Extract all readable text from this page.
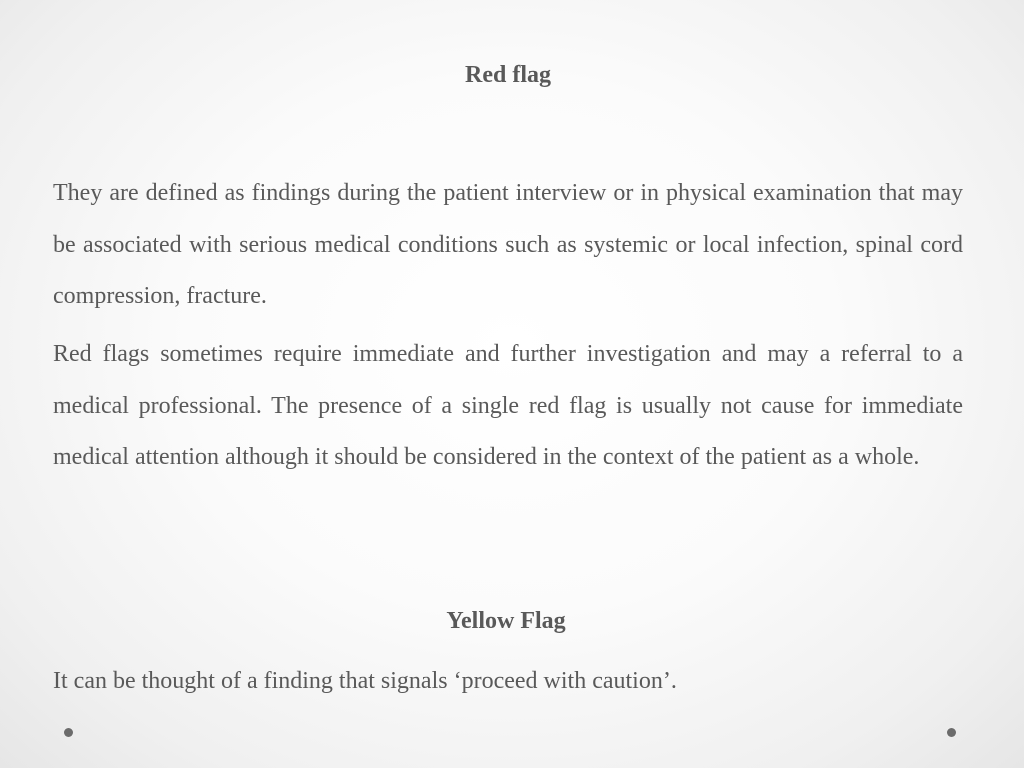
Red flag

They are defined as findings during the patient interview or in physical examination that may be associated with serious medical conditions such as systemic or local infection, spinal cord compression, fracture.

Red flags sometimes require immediate and further investigation and may a referral to a medical professional. The presence of a single red flag is usually not cause for immediate medical attention although it should be considered in the context of the patient as a whole.

Yellow Flag

It can be thought of a finding that signals ‘proceed with caution’.
